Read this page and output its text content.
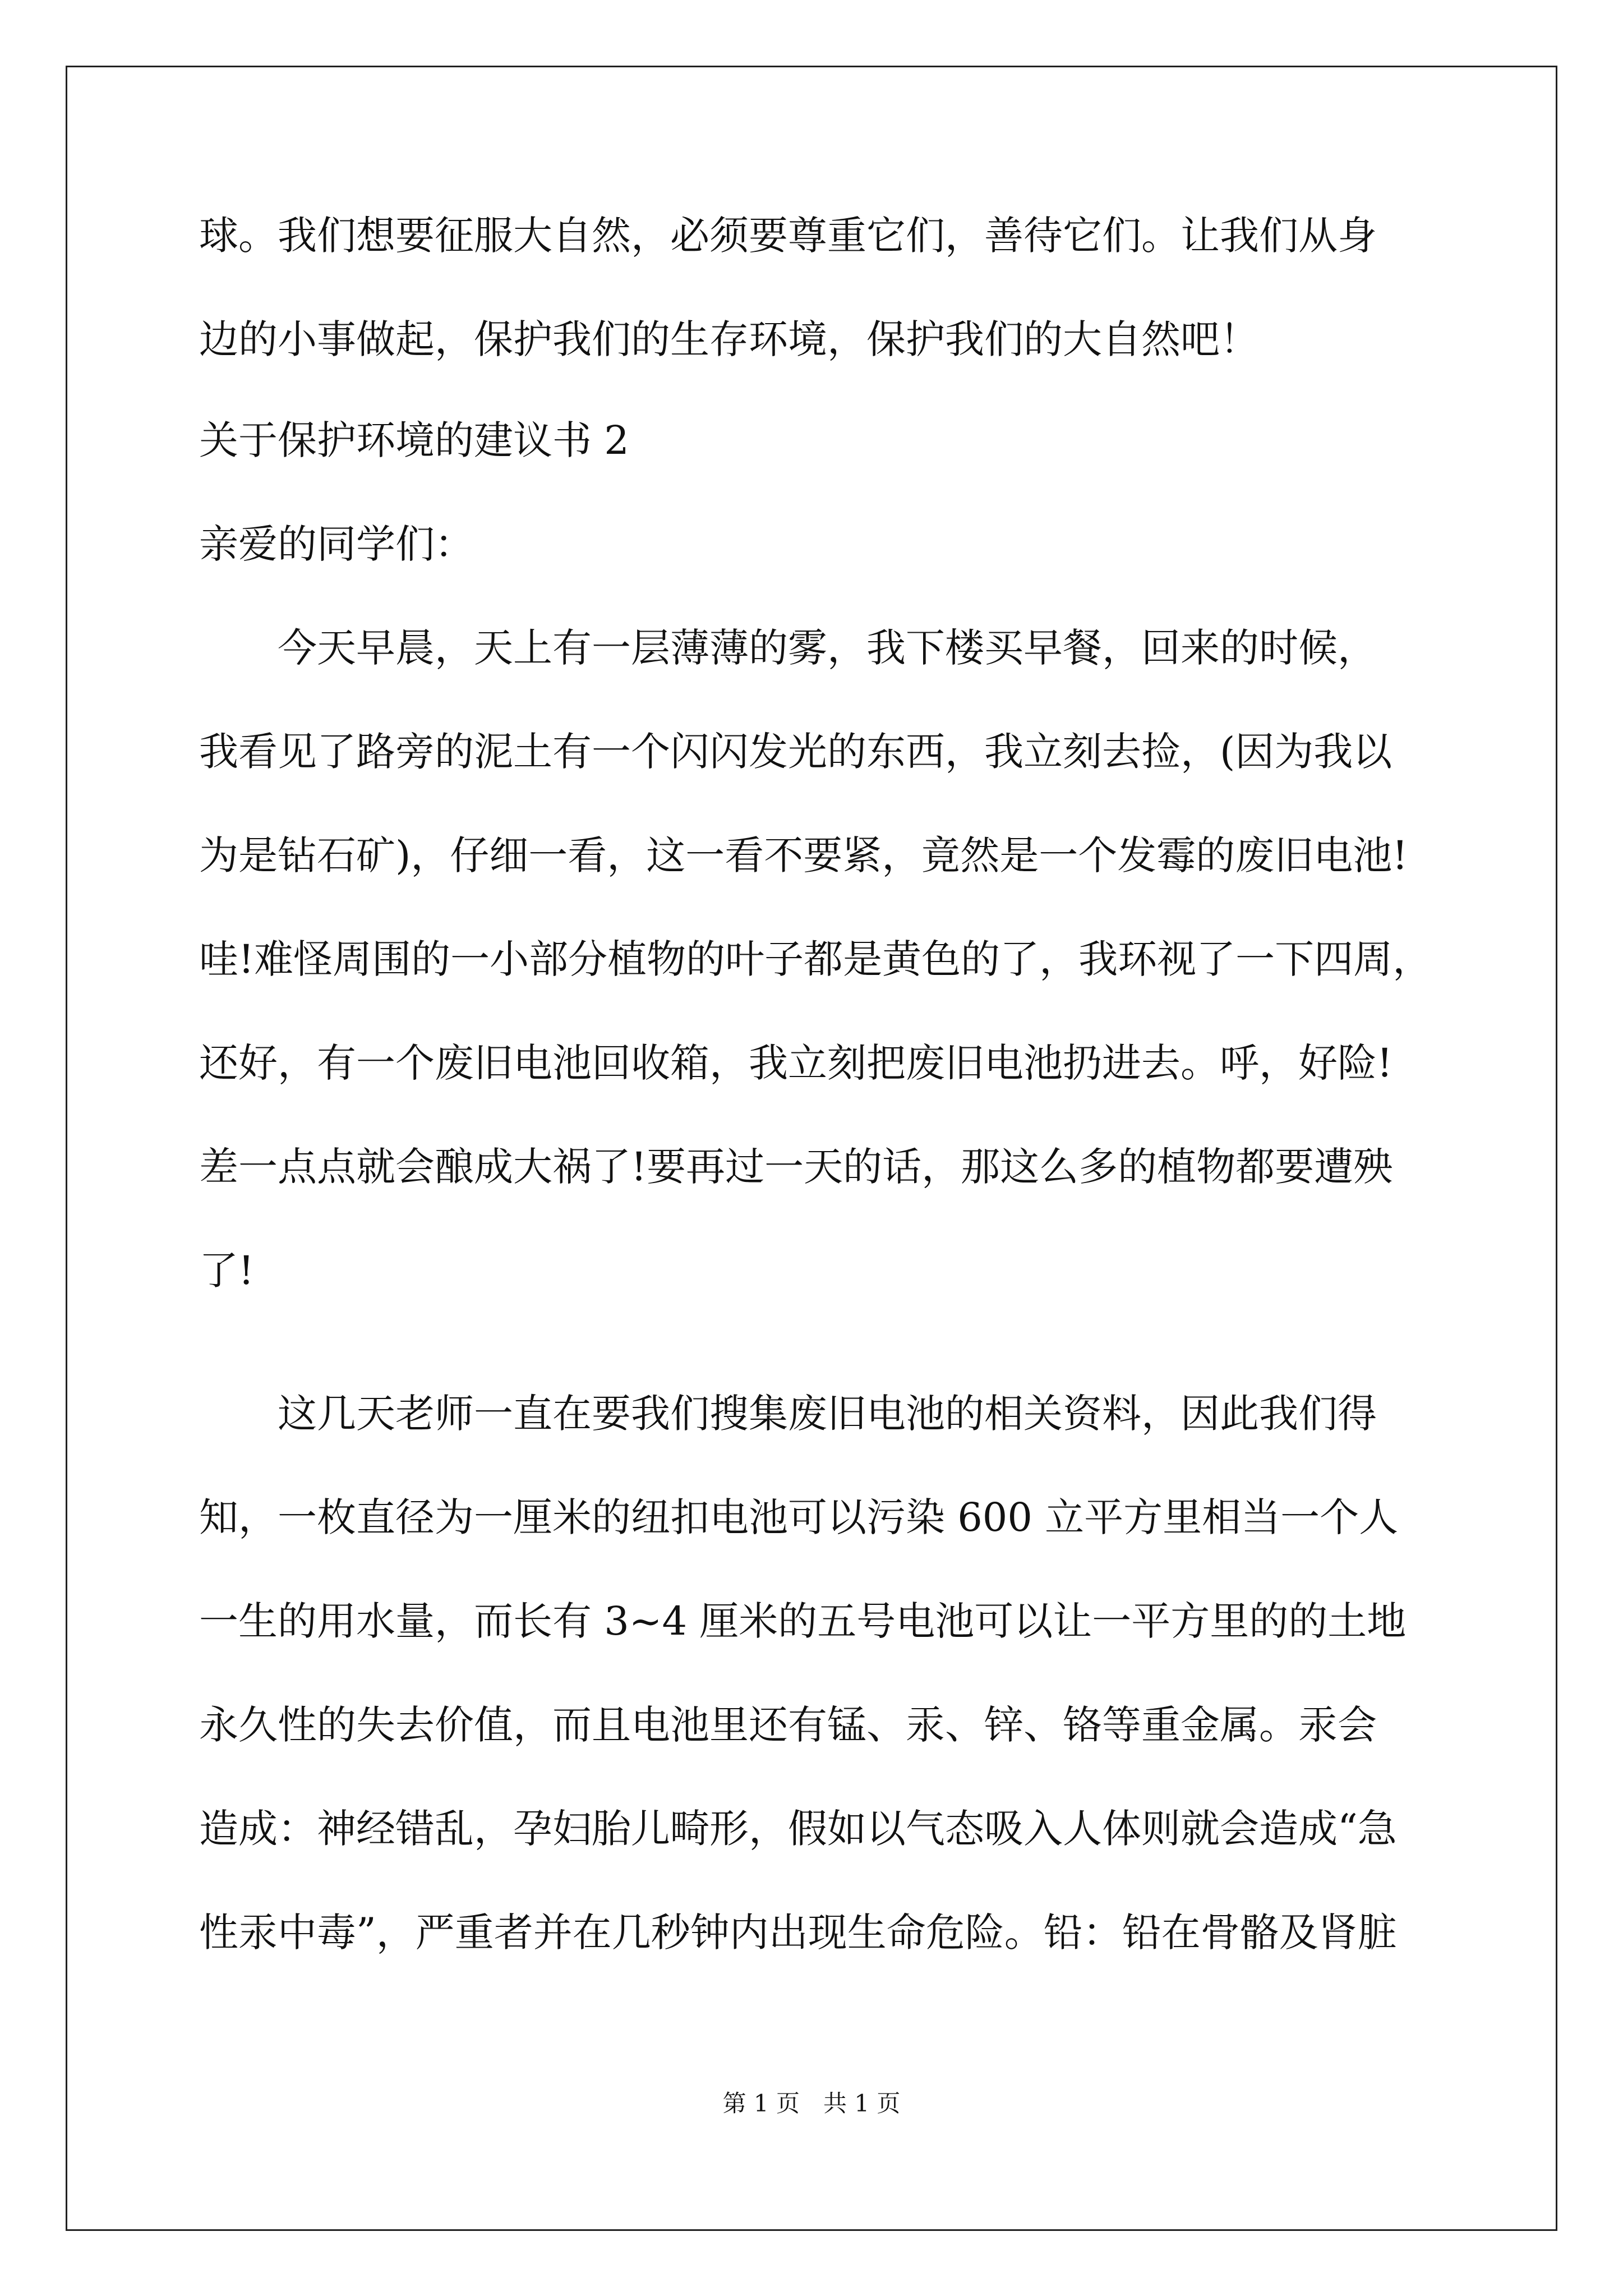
球。我们想要征服大自然，必须要尊重它们，善待它们。让我们从身
边的小事做起，保护我们的生存环境，保护我们的大自然吧！
关于保护环境的建议书 2
亲爱的同学们：
　　今天早晨，天上有一层薄薄的雾，我下楼买早餐，回来的时候，
我看见了路旁的泥土有一个闪闪发光的东西，我立刻去捡，(因为我以
为是钻石矿)，仔细一看，这一看不要紧，竟然是一个发霉的废旧电池!
哇!难怪周围的一小部分植物的叶子都是黄色的了，我环视了一下四周，
还好，有一个废旧电池回收箱，我立刻把废旧电池扔进去。呼，好险!
差一点点就会酿成大祸了!要再过一天的话，那这么多的植物都要遭殃
了!
　　这几天老师一直在要我们搜集废旧电池的相关资料，因此我们得
知，一枚直径为一厘米的纽扣电池可以污染 600 立平方里相当一个人
一生的用水量，而长有 3~4 厘米的五号电池可以让一平方里的的土地
永久性的失去价值，而且电池里还有锰、汞、锌、铬等重金属。汞会
造成：神经错乱，孕妇胎儿畸形，假如以气态吸入人体则就会造成“急
性汞中毒”，严重者并在几秒钟内出现生命危险。铅：铅在骨骼及肾脏
第 1 页　共 1 页
